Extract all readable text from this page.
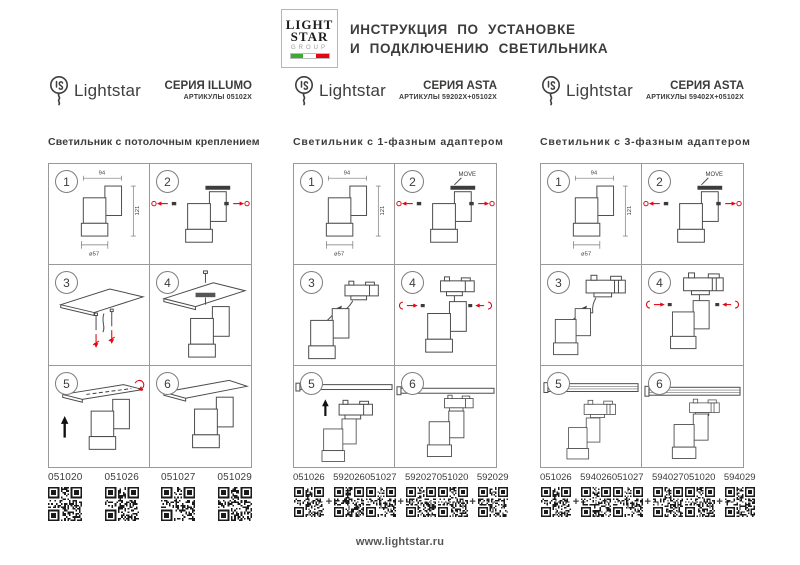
LIGHT
STAR
GROUP
ИНСТРУКЦИЯ ПО УСТАНОВКЕ
И ПОДКЛЮЧЕНИЮ СВЕТИЛЬНИКА
Lightstar СЕРИЯ ILLUMO
АРТИКУЛЫ 05102X
Светильник с потолочным креплением
1
94
121
ø57
2
3	4
5	6
051020 051026 051027 051029
Lightstar	СЕРИЯ ASTA
АРТИКУЛЫ 59202X+05102X
Светильник с 1-фазным адаптером
1
94
121
ø57
2	MOVE
3	4
5	6
051026
+
592026 051027
+
592027 051020
+
592029
Lightstar	СЕРИЯ ASTA
АРТИКУЛЫ 59402X+05102X
Светильник с 3-фазным адаптером
1
94
121
ø57
2	MOVE
3	4
5	6
051026
+
594026 051027
+
594027 051020
+
594029
www.lightstar.ru
